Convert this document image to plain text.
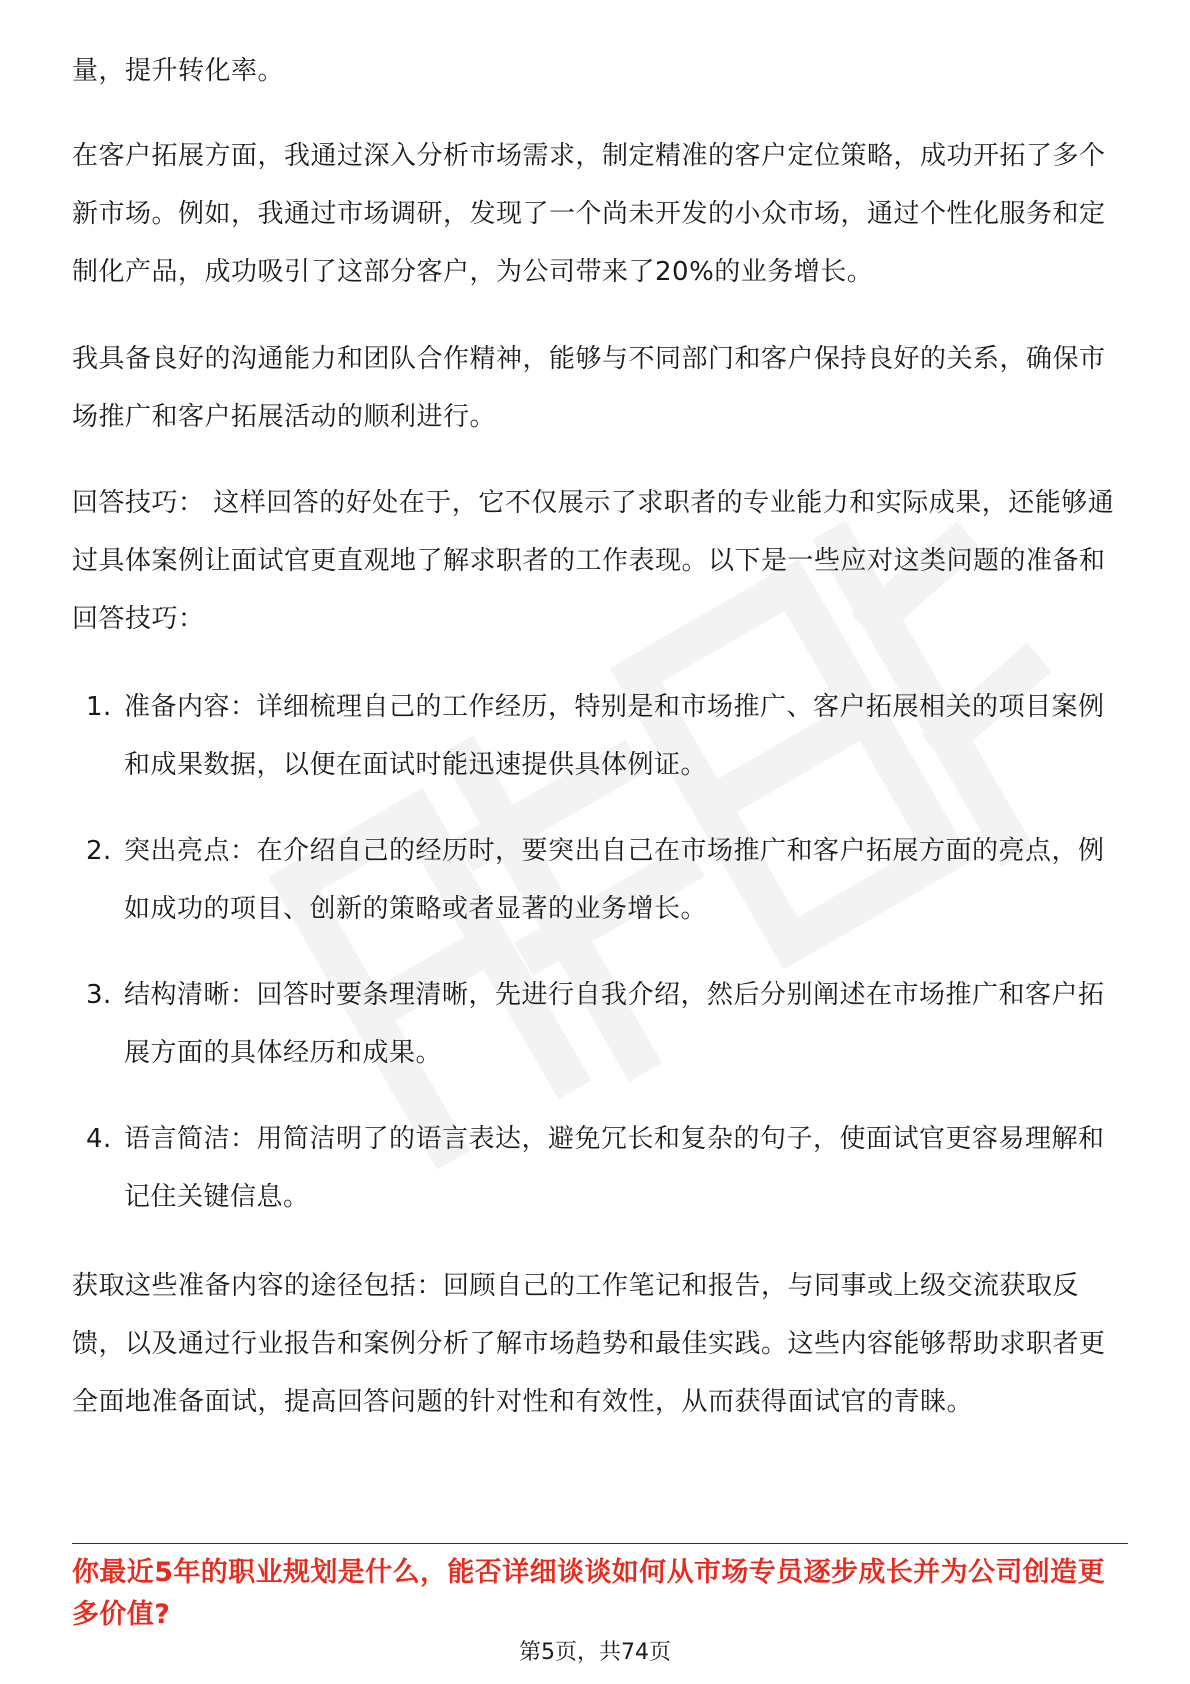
量，提升转化率。

在客户拓展方面，我通过深入分析市场需求，制定精准的客户定位策略，成功开拓了多个新市场。例如，我通过市场调研，发现了一个尚未开发的小众市场，通过个性化服务和定制化产品，成功吸引了这部分客户，为公司带来了20%的业务增长。

我具备良好的沟通能力和团队合作精神，能够与不同部门和客户保持良好的关系，确保市场推广和客户拓展活动的顺利进行。

回答技巧： 这样回答的好处在于，它不仅展示了求职者的专业能力和实际成果，还能够通过具体案例让面试官更直观地了解求职者的工作表现。以下是一些应对这类问题的准备和回答技巧：

1. 准备内容：详细梳理自己的工作经历，特别是和市场推广、客户拓展相关的项目案例和成果数据，以便在面试时能迅速提供具体例证。
2. 突出亮点：在介绍自己的经历时，要突出自己在市场推广和客户拓展方面的亮点，例如成功的项目、创新的策略或者显著的业务增长。
3. 结构清晰：回答时要条理清晰，先进行自我介绍，然后分别阐述在市场推广和客户拓展方面的具体经历和成果。
4. 语言简洁：用简洁明了的语言表达，避免冗长和复杂的句子，使面试官更容易理解和记住关键信息。

获取这些准备内容的途径包括：回顾自己的工作笔记和报告，与同事或上级交流获取反馈，以及通过行业报告和案例分析了解市场趋势和最佳实践。这些内容能够帮助求职者更全面地准备面试，提高回答问题的针对性和有效性，从而获得面试官的青睐。

你最近5年的职业规划是什么，能否详细谈谈如何从市场专员逐步成长并为公司创造更多价值?

第5页，共74页
